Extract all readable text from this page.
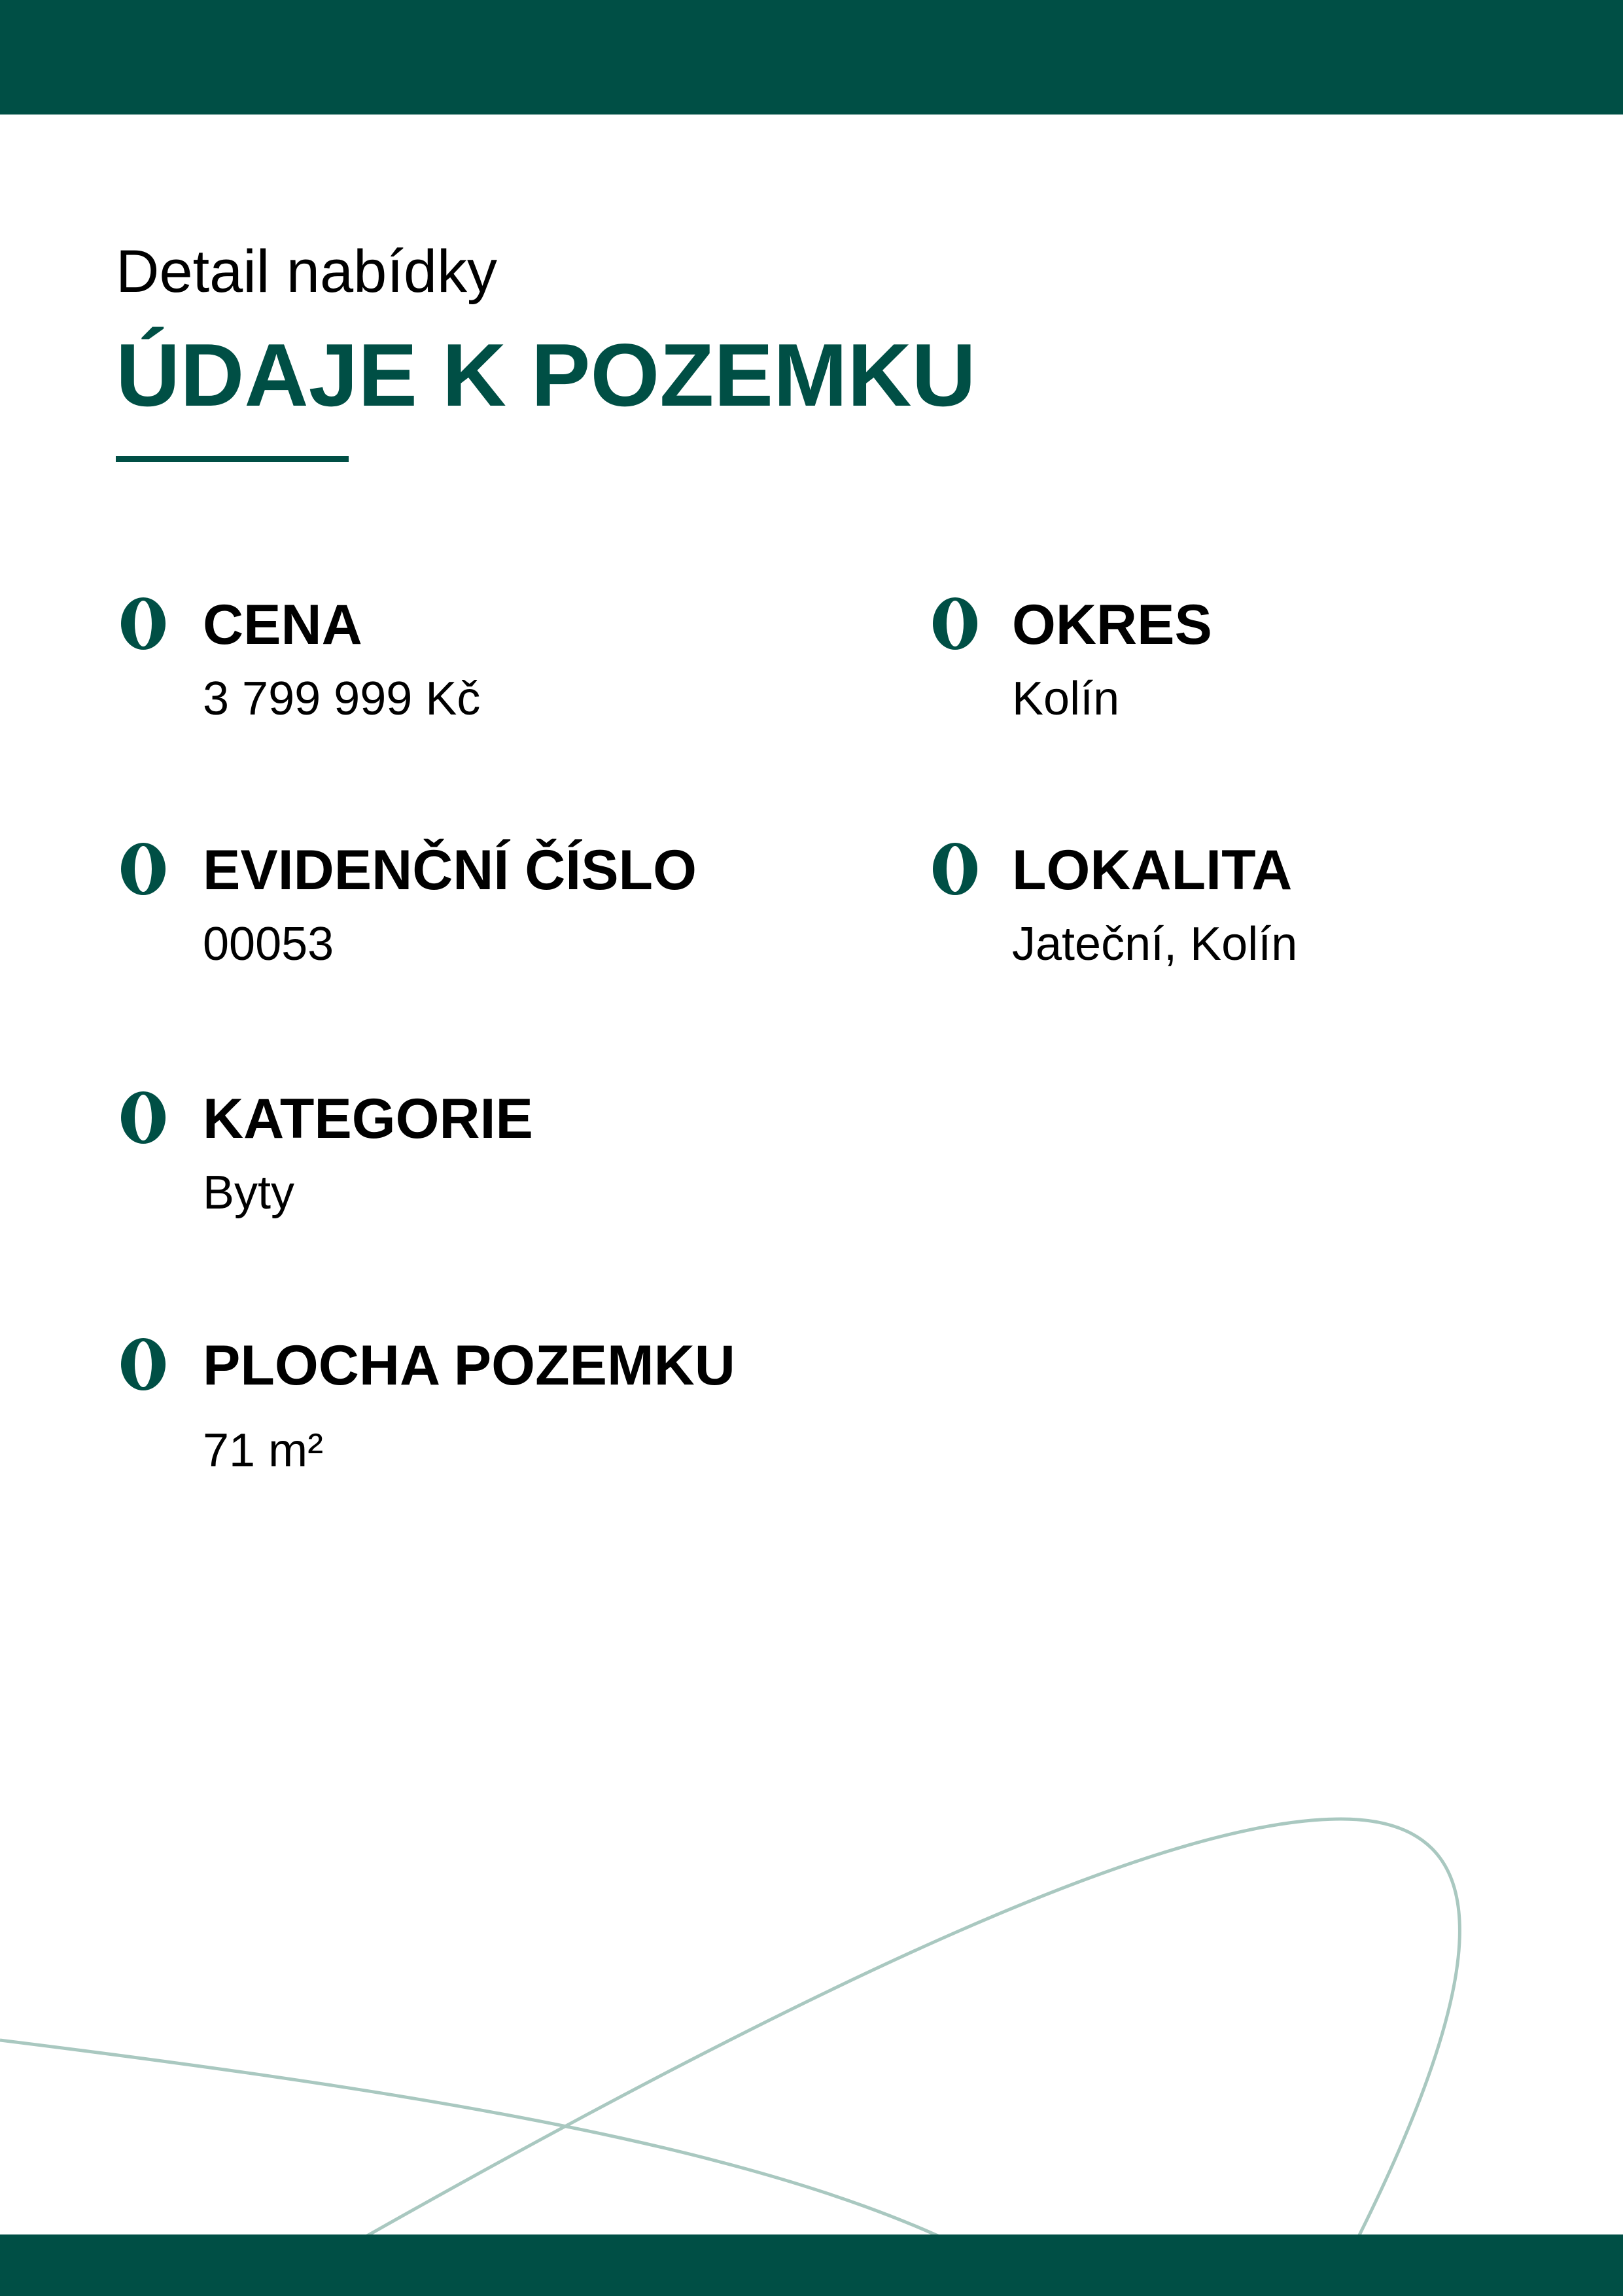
Detail nabídky
ÚDAJE K POZEMKU
CENA
3 799 999 Kč
EVIDENČNÍ ČÍSLO
00053
KATEGORIE
Byty
PLOCHA POZEMKU
71 m²
OKRES
Kolín
LOKALITA
Jateční, Kolín
